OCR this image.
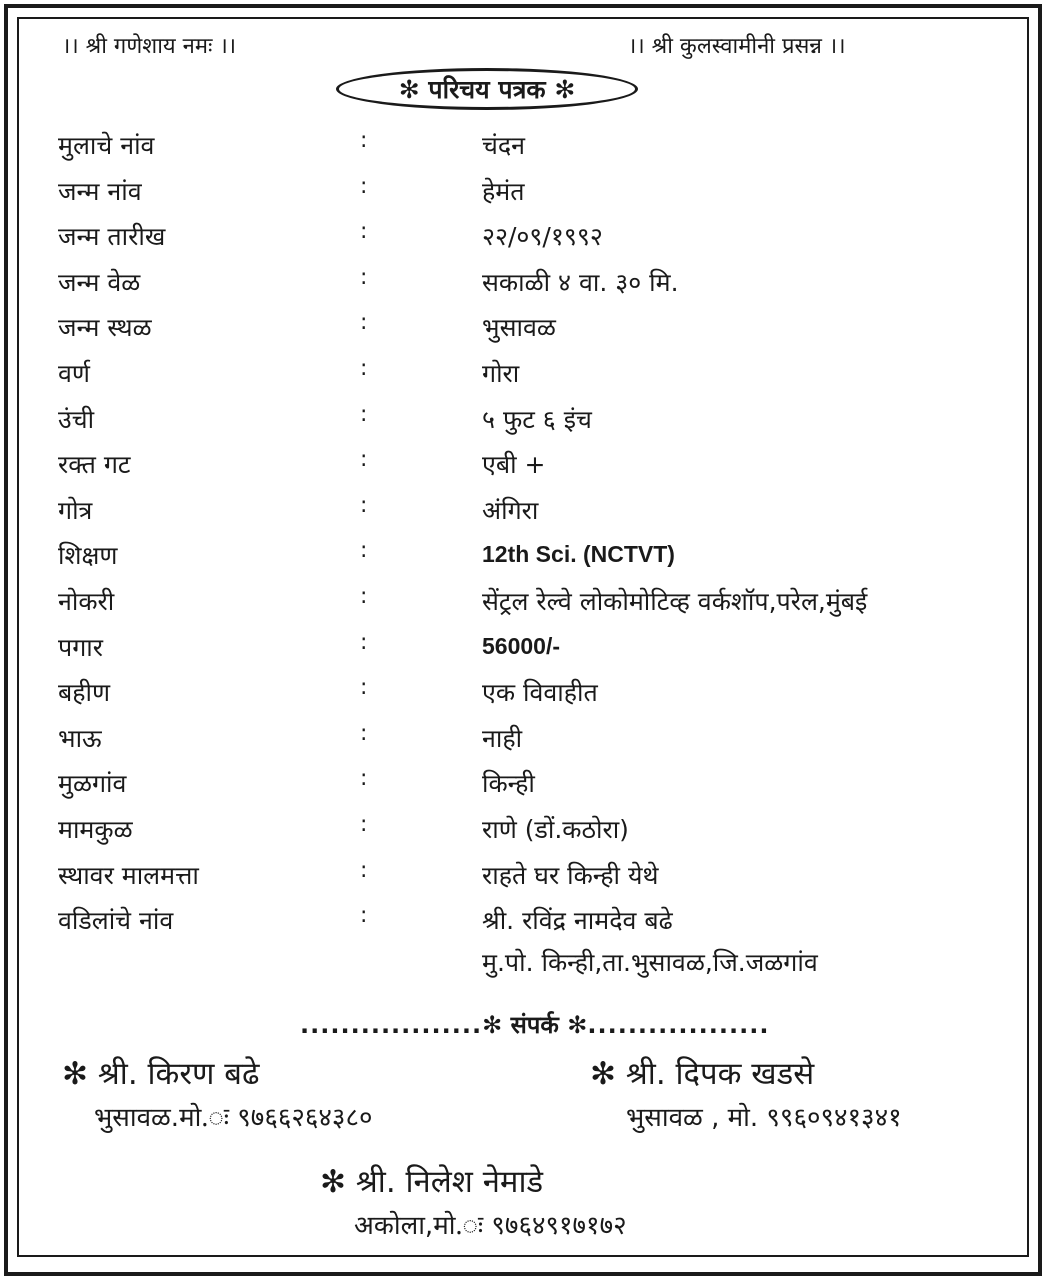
।। श्री गणेशाय नमः ।।	।। श्री कुलस्वामीनी प्रसन्न ।।
✻
परिचय पत्रक
✻
मुलाचे नांव	:	चंदन
जन्म नांव	:	हेमंत
जन्म तारीख	:	२२/०९/१९९२
जन्म वेळ	:	सकाळी ४ वा. ३० मि.
जन्म स्थळ	:	भुसावळ
वर्ण	:	गोरा
उंची	:	५ फुट ६ इंच
रक्त गट	:	एबी +
गोत्र	:	अंगिरा
शिक्षण	:	12th Sci. (NCTVT)
नोकरी	:	सेंट्रल रेल्वे लोकोमोटिव्ह वर्कशॉप,परेल,मुंबई
पगार	:	56000/-
बहीण	:	एक विवाहीत
भाऊ	:	नाही
मुळगांव	:	किन्ही
मामकुळ	:	राणे (डों.कठोरा)
स्थावर मालमत्ता	:	राहते घर किन्ही येथे
वडिलांचे नांव	:	श्री. रविंद्र नामदेव बढे
मु.पो. किन्ही,ता.भुसावळ,जि.जळगांव
..................✻ संपर्क ✻..................
✻ श्री. किरण बढे
भुसावळ.मो.ः ९७६६२६४३८०
✻ श्री. दिपक खडसे
भुसावळ , मो. ९९६०९४१३४१
✻ श्री. निलेश नेमाडे
अकोला,मो.ः ९७६४९१७१७२
